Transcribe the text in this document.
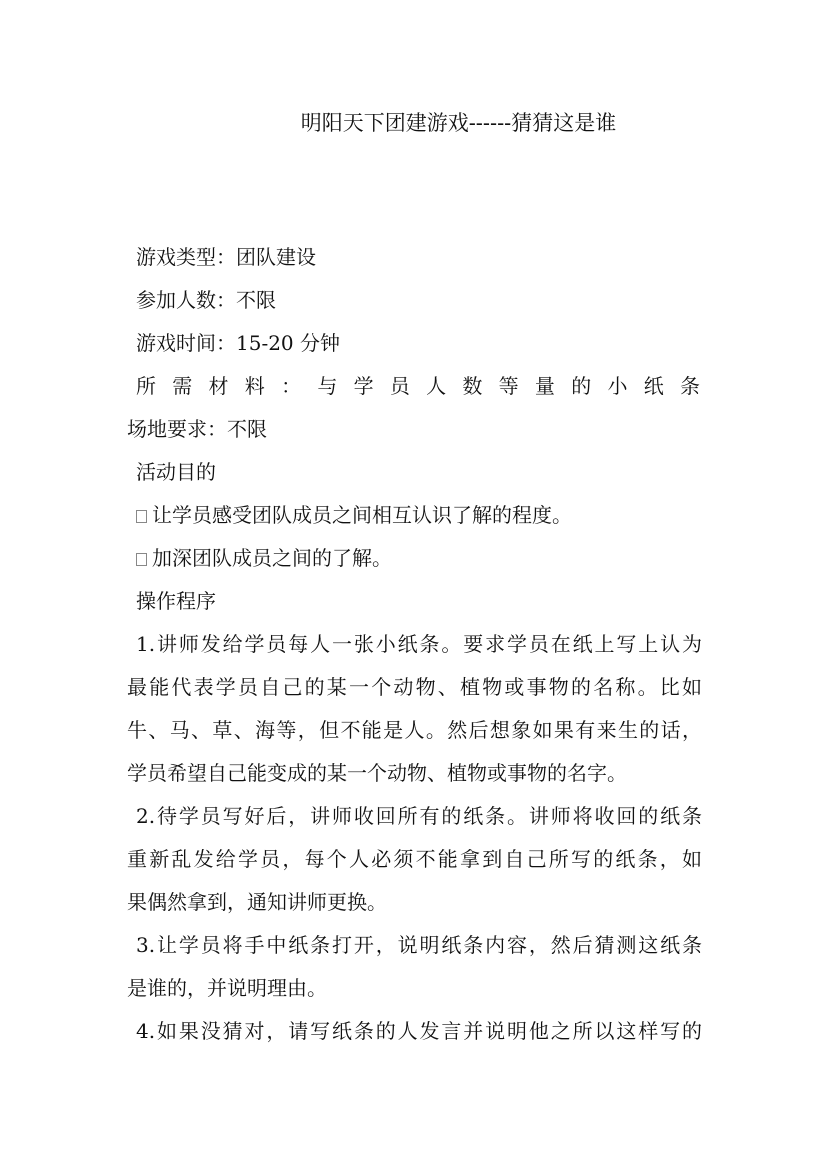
明阳天下团建游戏------猜猜这是谁
游戏类型：团队建设
参加人数：不限
游戏时间：15-20 分钟
所 需 材 料 ： 与 学 员 人 数 等 量 的 小 纸 条
场地要求：不限
活动目的
让学员感受团队成员之间相互认识了解的程度。
加深团队成员之间的了解。
操作程序
1.讲师发给学员每人一张小纸条。要求学员在纸上写上认为
最能代表学员自己的某一个动物、植物或事物的名称。比如
牛、马、草、海等，但不能是人。然后想象如果有来生的话，
学员希望自己能变成的某一个动物、植物或事物的名字。
2.待学员写好后，讲师收回所有的纸条。讲师将收回的纸条
重新乱发给学员，每个人必须不能拿到自己所写的纸条，如
果偶然拿到，通知讲师更换。
3.让学员将手中纸条打开，说明纸条内容，然后猜测这纸条
是谁的，并说明理由。
4.如果没猜对，请写纸条的人发言并说明他之所以这样写的
